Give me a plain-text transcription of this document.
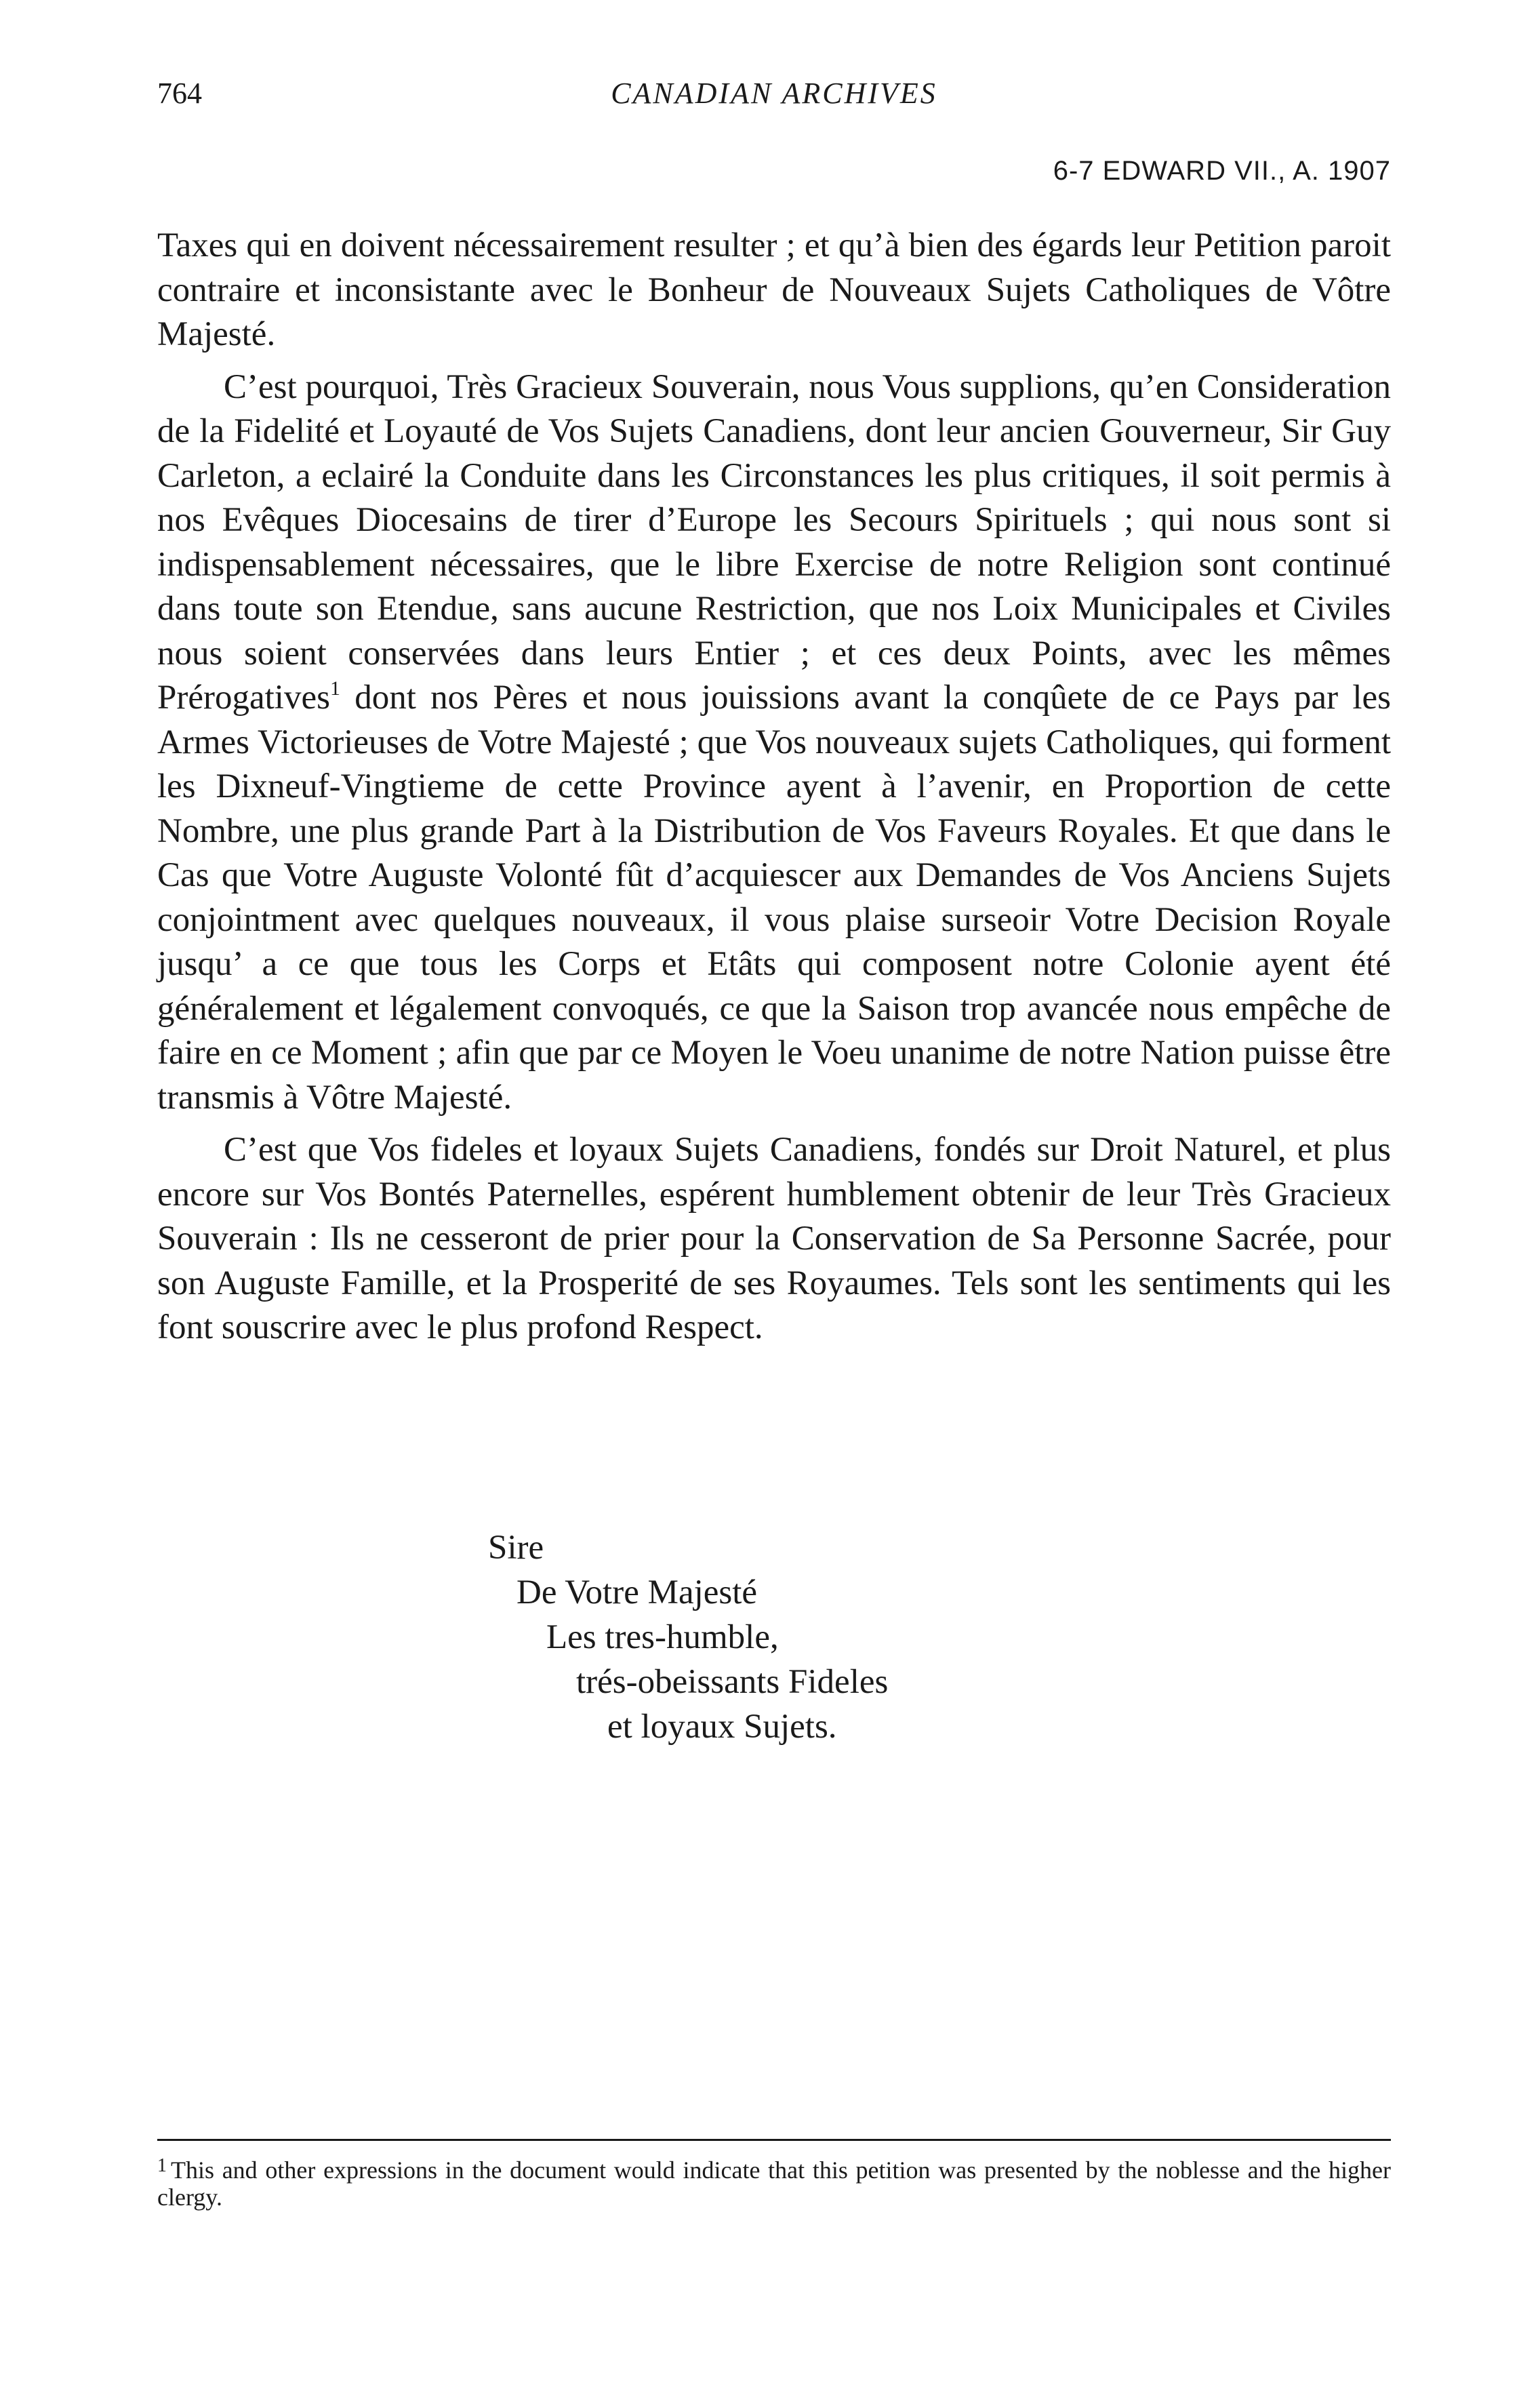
764	CANADIAN ARCHIVES
6-7 EDWARD VII., A. 1907

Taxes qui en doivent nécessairement resulter ; et qu’à bien des égards leur Petition paroit contraire et inconsistante avec le Bonheur de Nouveaux Sujets Catholiques de Vôtre Majesté.

C’est pourquoi, Très Gracieux Souverain, nous Vous supplions, qu’en Consideration de la Fidelité et Loyauté de Vos Sujets Canadiens, dont leur ancien Gouverneur, Sir Guy Carleton, a eclairé la Conduite dans les Circonstances les plus critiques, il soit permis à nos Evêques Diocesains de tirer d’Europe les Secours Spirituels ; qui nous sont si indispensablement nécessaires, que le libre Exercise de notre Religion sont continué dans toute son Etendue, sans aucune Restriction, que nos Loix Municipales et Civiles nous soient conservées dans leurs Entier ; et ces deux Points, avec les mêmes Prérogatives$^1$ dont nos Pères et nous jouissions avant la conqûete de ce Pays par les Armes Victorieuses de Votre Majesté ; que Vos nouveaux sujets Catholiques, qui forment les Dixneuf-Vingtieme de cette Province ayent à l’avenir, en Proportion de cette Nombre, une plus grande Part à la Distribution de Vos Faveurs Royales. Et que dans le Cas que Votre Auguste Volonté fût d’acquiescer aux Demandes de Vos Anciens Sujets conjointment avec quelques nouveaux, il vous plaise surseoir Votre Decision Royale jusqu’ a ce que tous les Corps et Etâts qui composent notre Colonie ayent été généralement et légalement convoqués, ce que la Saison trop avancée nous empêche de faire en ce Moment ; afin que par ce Moyen le Voeu unanime de notre Nation puisse être transmis à Vôtre Majesté.

C’est que Vos fideles et loyaux Sujets Canadiens, fondés sur Droit Naturel, et plus encore sur Vos Bontés Paternelles, espérent humblement obtenir de leur Très Gracieux Souverain : Ils ne cesseront de prier pour la Conservation de Sa Personne Sacrée, pour son Auguste Famille, et la Prosperité de ses Royaumes. Tels sont les sentiments qui les font souscrire avec le plus profond Respect.

Sire
De Votre Majesté
Les tres-humble,
trés-obeissants Fideles
et loyaux Sujets.
$^1$ This and other expressions in the document would indicate that this petition was presented by the noblesse and the higher clergy.
